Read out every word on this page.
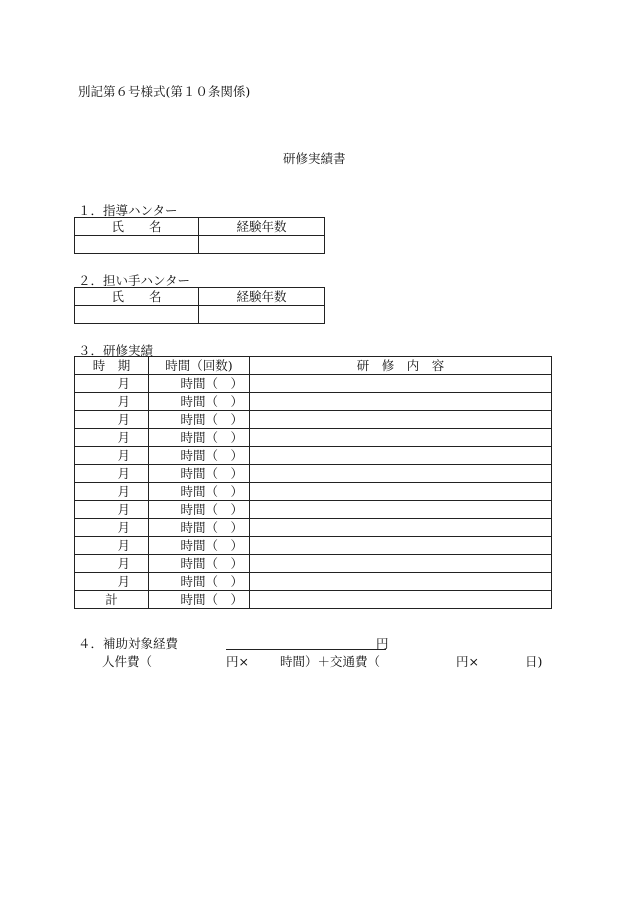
別記第６号様式(第１０条関係)
研修実績書
１．指導ハンター
氏　　名	経験年数

２．担い手ハンター
氏　　名	経験年数

３．研修実績
時　期	時間（回数)	研　修　内　容
月	時間（　）	
月	時間（　）	
月	時間（　）	
月	時間（　）	
月	時間（　）	
月	時間（　）	
月	時間（　）	
月	時間（　）	
月	時間（　）	
月	時間（　）	
月	時間（　）	
月	時間（　）	
計	時間（　）	
４．補助対象経費	円
人件費（	円× 時間）＋交通費（	円×	日)
